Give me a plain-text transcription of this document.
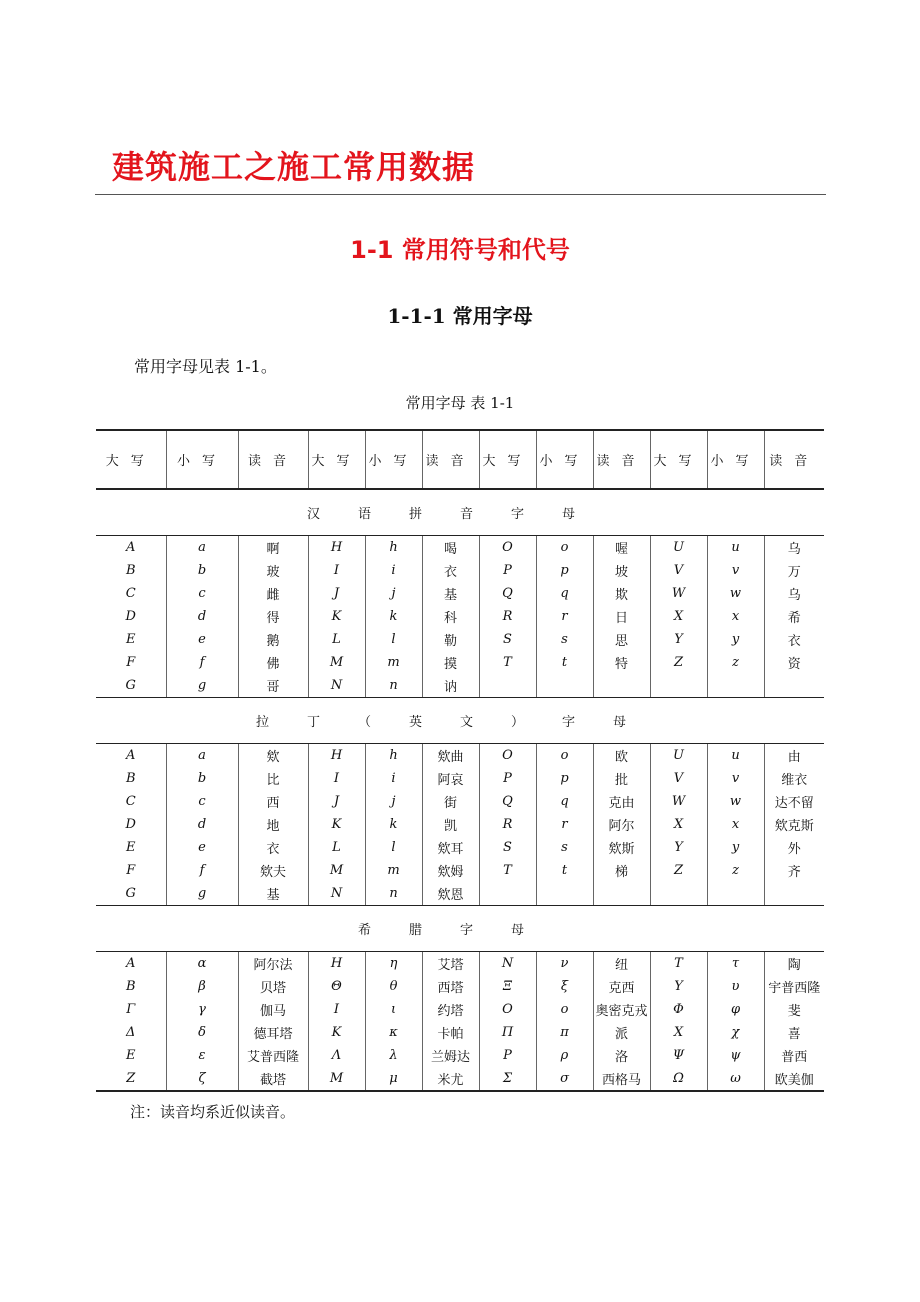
建筑施工之施工常用数据
1-1 常用符号和代号
1-1-1 常用字母
常用字母见表 1-1。
常用字母 表 1-1
大写	小写	读音	大写	小写	读音	大写	小写	读音	大写	小写	读音
汉语拼音字母											
A	a	啊	H	h	喝	O	o	喔	U	u	乌
B	b	玻	I	i	衣	P	p	坡	V	v	万
C	c	雌	J	j	基	Q	q	欺	W	w	乌
D	d	得	K	k	科	R	r	日	X	x	希
E	e	鹅	L	l	勒	S	s	思	Y	y	衣
F	f	佛	M	m	摸	T	t	特	Z	z	资
G	g	哥	N	n	讷						
拉丁（英文）字母											
A	a	欸	H	h	欸曲	O	o	欧	U	u	由
B	b	比	I	i	阿哀	P	p	批	V	v	维衣
C	c	西	J	j	街	Q	q	克由	W	w	达不留
D	d	地	K	k	凯	R	r	阿尔	X	x	欸克斯
E	e	衣	L	l	欸耳	S	s	欸斯	Y	y	外
F	f	欸夫	M	m	欸姆	T	t	梯	Z	z	齐
G	g	基	N	n	欸恩						
希腊字母											
A	α	阿尔法	H	η	艾塔	N	ν	纽	T	τ	陶
B	β	贝塔	Θ	θ	西塔	Ξ	ξ	克西	Υ	υ	宇普西隆
Γ	γ	伽马	I	ι	约塔	O	ο	奥密克戎	Φ	φ	斐
Δ	δ	德耳塔	K	κ	卡帕	Π	π	派	X	χ	喜
E	ε	艾普西隆	Λ	λ	兰姆达	P	ρ	洛	Ψ	ψ	普西
Z	ζ	截塔	M	μ	米尤	Σ	σ	西格马	Ω	ω	欧美伽
注：读音均系近似读音。
